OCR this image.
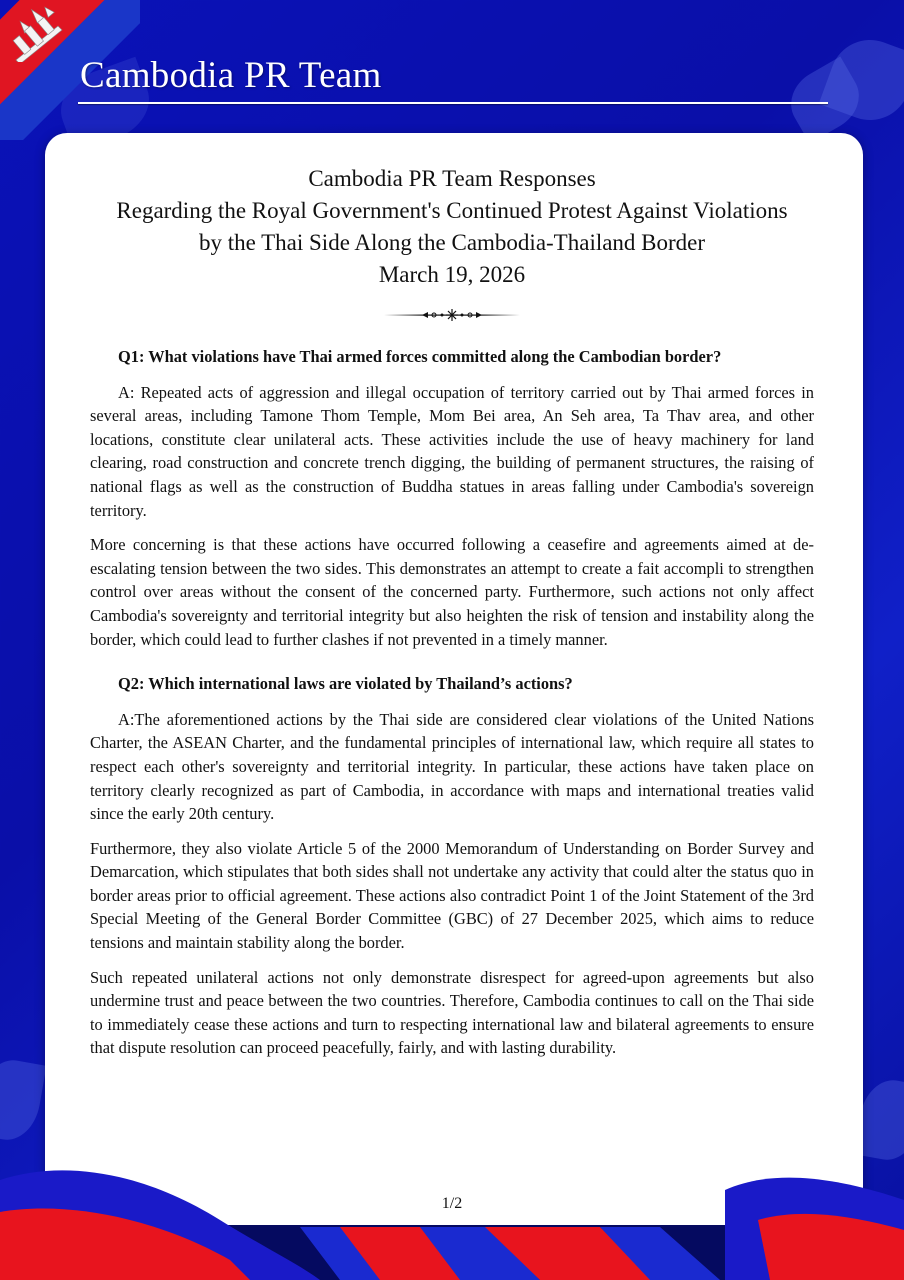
Cambodia PR Team
Cambodia PR Team Responses
Regarding the Royal Government's Continued Protest Against Violations
by the Thai Side Along the Cambodia-Thailand Border
March 19, 2026
Q1: What violations have Thai armed forces committed along the Cambodian border?

A: Repeated acts of aggression and illegal occupation of territory carried out by Thai armed forces in several areas, including Tamone Thom Temple, Mom Bei area, An Seh area, Ta Thav area, and other locations, constitute clear unilateral acts. These activities include the use of heavy machinery for land clearing, road construction and concrete trench digging, the building of permanent structures, the raising of national flags as well as the construction of Buddha statues in areas falling under Cambodia's sovereign territory.

More concerning is that these actions have occurred following a ceasefire and agreements aimed at de-escalating tension between the two sides. This demonstrates an attempt to create a fait accompli to strengthen control over areas without the consent of the concerned party. Furthermore, such actions not only affect Cambodia's sovereignty and territorial integrity but also heighten the risk of tension and instability along the border, which could lead to further clashes if not prevented in a timely manner.

Q2: Which international laws are violated by Thailand’s actions?

A:The aforementioned actions by the Thai side are considered clear violations of the United Nations Charter, the ASEAN Charter, and the fundamental principles of international law, which require all states to respect each other's sovereignty and territorial integrity. In particular, these actions have taken place on territory clearly recognized as part of Cambodia, in accordance with maps and international treaties valid since the early 20th century.

Furthermore, they also violate Article 5 of the 2000 Memorandum of Understanding on Border Survey and Demarcation, which stipulates that both sides shall not undertake any activity that could alter the status quo in border areas prior to official agreement. These actions also contradict Point 1 of the Joint Statement of the 3rd Special Meeting of the General Border Committee (GBC) of 27 December 2025, which aims to reduce tensions and maintain stability along the border.

Such repeated unilateral actions not only demonstrate disrespect for agreed-upon agreements but also undermine trust and peace between the two countries. Therefore, Cambodia continues to call on the Thai side to immediately cease these actions and turn to respecting international law and bilateral agreements to ensure that dispute resolution can proceed peacefully, fairly, and with lasting durability.

1/2
